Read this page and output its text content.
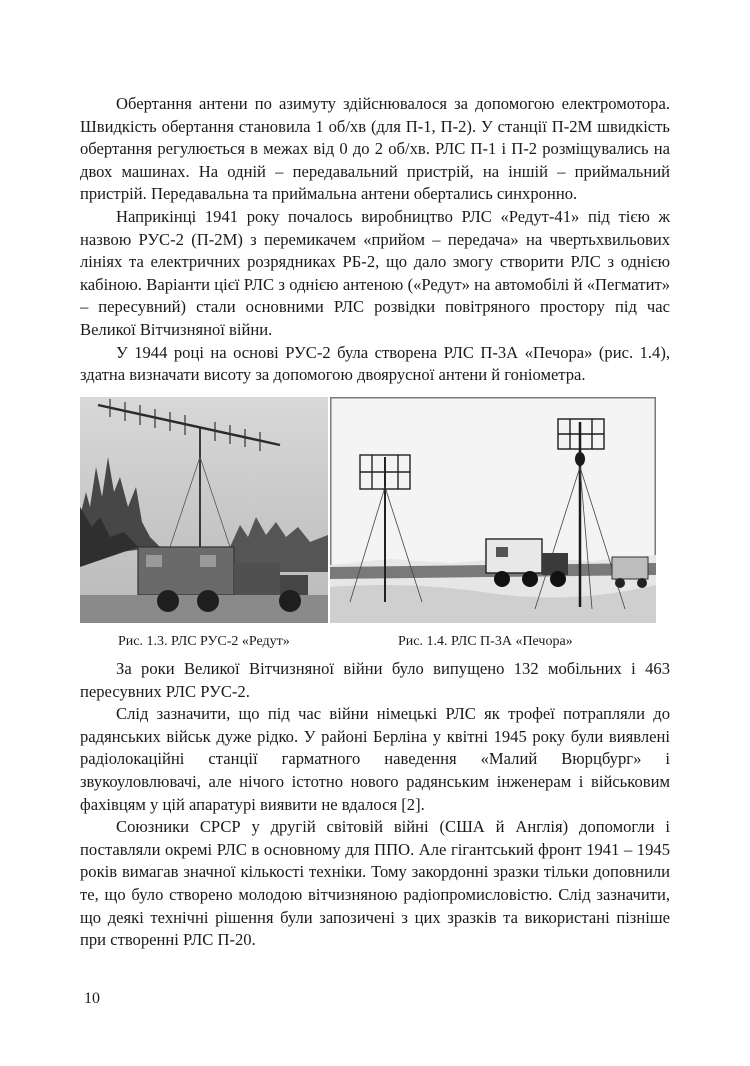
Обертання антени по азимуту здійснювалося за допомогою електромотора. Швидкість обертання становила 1 об/хв (для П-1, П-2). У станції П-2М швидкість обертання регулюється в межах від 0 до 2 об/хв. РЛС П-1 і П-2 розміщувались на двох машинах. На одній – передавальний пристрій, на іншій – приймальний пристрій. Передавальна та приймальна антени обертались синхронно.

Наприкінці 1941 року почалось виробництво РЛС «Редут-41» під тією ж назвою РУС-2 (П-2М) з перемикачем «прийом – передача» на чвертьхвильових лініях та електричних розрядниках РБ-2, що дало змогу створити РЛС з однією кабіною. Варіанти цієї РЛС з однією антеною («Редут» на автомобілі й «Пегматит» – пересувний) стали основними РЛС розвідки повітряного простору під час Великої Вітчизняної війни.

У 1944 році на основі РУС-2 була створена РЛС П-3А «Печора» (рис. 1.4), здатна визначати висоту за допомогою двоярусної антени й гоніометра.

Рис. 1.3. РЛС РУС-2 «Редут»	Рис. 1.4. РЛС П-3А «Печора»

За роки Великої Вітчизняної війни було випущено 132 мобільних і 463 пересувних РЛС РУС-2.

Слід зазначити, що під час війни німецькі РЛС як трофеї потрапляли до радянських військ дуже рідко. У районі Берліна у квітні 1945 року були виявлені радіолокаційні станції гарматного наведення «Малий Вюрцбург» і звукоуловлювачі, але нічого істотно нового радянським інженерам і військовим фахівцям у цій апаратурі виявити не вдалося [2].

Союзники СРСР у другій світовій війні (США й Англія) допомогли і поставляли окремі РЛС в основному для ППО. Але гігантський фронт 1941 – 1945 років вимагав значної кількості техніки. Тому закордонні зразки тільки доповнили те, що було створено молодою вітчизняною радіопромисловістю. Слід зазначити, що деякі технічні рішення були запозичені з цих зразків та використані пізніше при створенні РЛС П-20.

10
